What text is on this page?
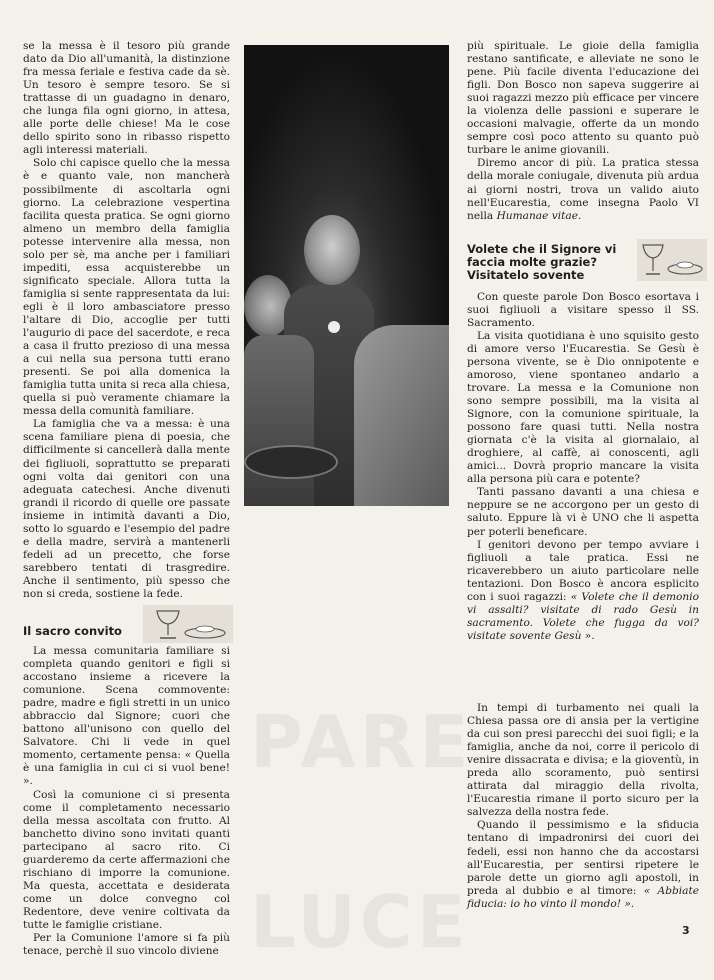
PARE
LUCE

se la messa è il tesoro più grande dato da Dio all'umanità, la distinzione fra messa feriale e festiva cade da sè. Un tesoro è sempre tesoro. Se si trattasse di un guadagno in denaro, che lunga fila ogni giorno, in attesa, alle porte delle chiese! Ma le cose dello spirito sono in ribasso rispetto agli interessi materiali.

Solo chi capisce quello che la messa è e quanto vale, non mancherà possibilmente di ascoltarla ogni giorno. La celebrazione vespertina facilita questa pratica. Se ogni giorno almeno un membro della famiglia potesse intervenire alla messa, non solo per sè, ma anche per i familiari impediti, essa acquisterebbe un significato speciale. Allora tutta la famiglia si sente rappresentata da lui: egli è il loro ambasciatore presso l'altare di Dio, accoglie per tutti l'augurio di pace del sacerdote, e reca a casa il frutto prezioso di una messa a cui nella sua persona tutti erano presenti. Se poi alla domenica la famiglia tutta unita si reca alla chiesa, quella si può veramente chiamare la messa della comunità familiare.

La famiglia che va a messa: è una scena familiare piena di poesia, che difficilmente si cancellerà dalla mente dei figliuoli, soprattutto se preparati ogni volta dai genitori con una adeguata catechesi. Anche divenuti grandi il ricordo di quelle ore passate insieme in intimità davanti a Dio, sotto lo sguardo e l'esempio del padre e della madre, servirà a mantenerli fedeli ad un precetto, che forse sarebbero tentati di trasgredire. Anche il sentimento, più spesso che non si creda, sostiene la fede.

Il sacro convito

La messa comunitaria familiare si completa quando genitori e figli si accostano insieme a ricevere la comunione. Scena commovente: padre, madre e figli stretti in un unico abbraccio dal Signore; cuori che battono all'unisono con quello del Salvatore. Chi li vede in quel momento, certamente pensa: « Quella è una famiglia in cui ci si vuol bene! ».

Così la comunione ci si presenta come il completamento necessario della messa ascoltata con frutto. Al banchetto divino sono invitati quanti partecipano al sacro rito. Ci guarderemo da certe affermazioni che rischiano di imporre la comunione. Ma questa, accettata e desiderata come un dolce convegno col Redentore, deve venire coltivata da tutte le famiglie cristiane.

Per la Comunione l'amore si fa più tenace, perchè il suo vincolo diviene

più spirituale. Le gioie della famiglia restano santificate, e alleviate ne sono le pene. Più facile diventa l'educazione dei figli. Don Bosco non sapeva suggerire ai suoi ragazzi mezzo più efficace per vincere la violenza delle passioni e superare le occasioni malvagie, offerte da un mondo sempre così poco attento su quanto può turbare le anime giovanili.

Diremo ancor di più. La pratica stessa della morale coniugale, divenuta più ardua ai giorni nostri, trova un valido aiuto nell'Eucarestia, come insegna Paolo VI nella Humanae vitae.

Volete che il Signore vi faccia molte grazie? Visitatelo sovente

Con queste parole Don Bosco esortava i suoi figliuoli a visitare spesso il SS. Sacramento.

La visita quotidiana è uno squisito gesto di amore verso l'Eucarestia. Se Gesù è persona vivente, se è Dio onnipotente e amoroso, viene spontaneo andarlo a trovare. La messa e la Comunione non sono sempre possibili, ma la visita al Signore, con la comunione spirituale, la possono fare quasi tutti. Nella nostra giornata c'è la visita al giornalaio, al droghiere, al caffè, ai conoscenti, agli amici... Dovrà proprio mancare la visita alla persona più cara e potente?

Tanti passano davanti a una chiesa e neppure se ne accorgono per un gesto di saluto. Eppure là vi è UNO che li aspetta per poterli beneficare.

I genitori devono per tempo avviare i figliuoli a tale pratica. Essi ne ricaverebbero un aiuto particolare nelle tentazioni. Don Bosco è ancora esplicito con i suoi ragazzi: « Volete che il demonio vi assalti? visitate di rado Gesù in sacramento. Volete che fugga da voi? visitate sovente Gesù ».

In tempi di turbamento nei quali la Chiesa passa ore di ansia per la vertigine da cui son presi parecchi dei suoi figli; e la famiglia, anche da noi, corre il pericolo di venire dissacrata e divisa; e la gioventù, in preda allo scoramento, può sentirsi attirata dal miraggio della rivolta, l'Eucarestia rimane il porto sicuro per la salvezza della nostra fede.

Quando il pessimismo e la sfiducia tentano di impadronirsi dei cuori dei fedeli, essi non hanno che da accostarsi all'Eucarestia, per sentirsi ripetere le parole dette un giorno agli apostoli, in preda al dubbio e al timore: « Abbiate fiducia: io ho vinto il mondo! ».

3
